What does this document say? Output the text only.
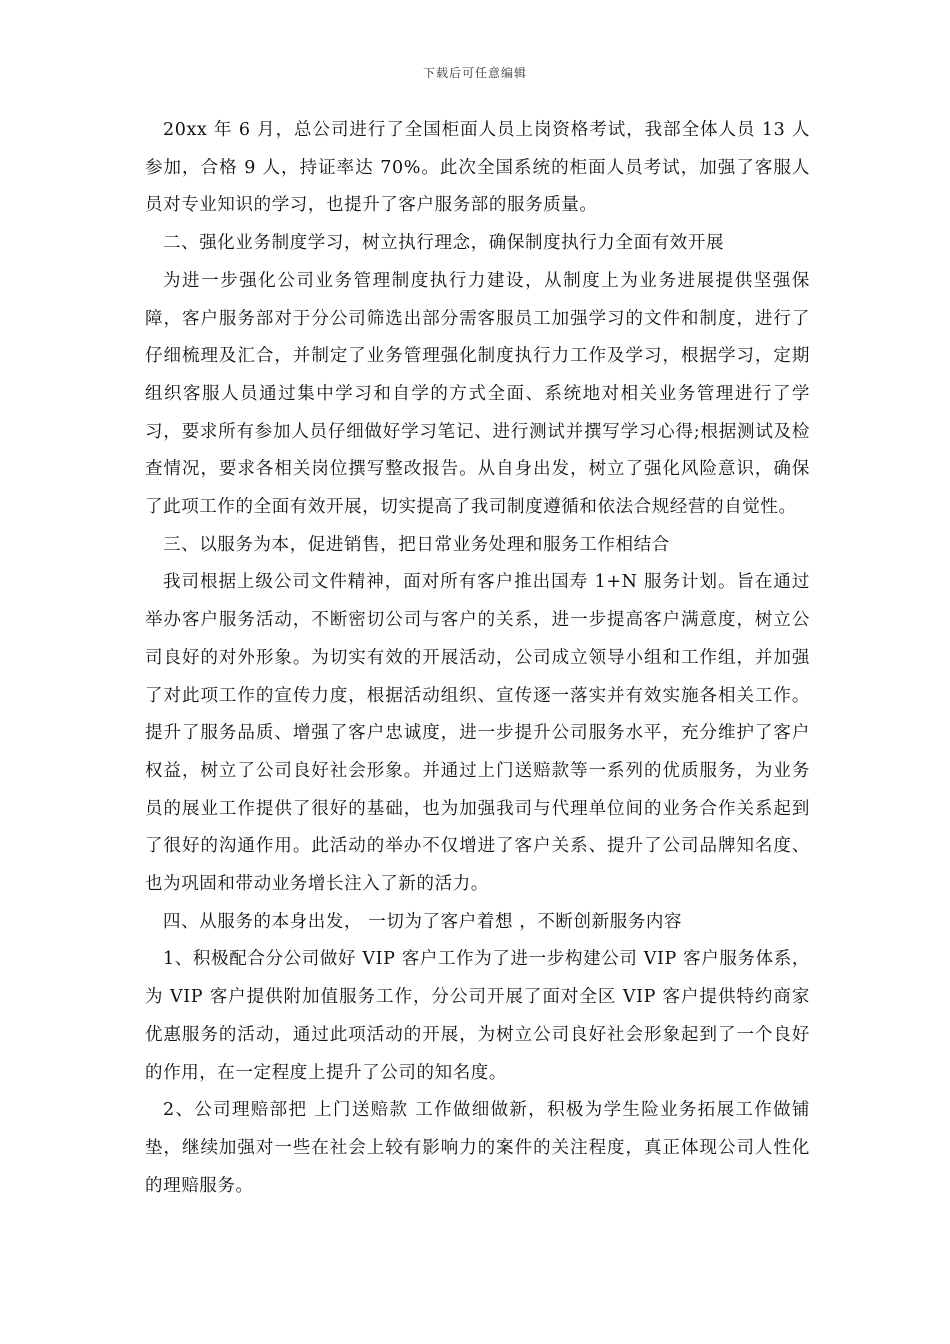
下载后可任意编辑

20xx 年 6 月，总公司进行了全国柜面人员上岗资格考试，我部全体人员 13 人参加，合格 9 人，持证率达 70%。此次全国系统的柜面人员考试，加强了客服人员对专业知识的学习，也提升了客户服务部的服务质量。

二、强化业务制度学习，树立执行理念，确保制度执行力全面有效开展

为进一步强化公司业务管理制度执行力建设，从制度上为业务进展提供坚强保障，客户服务部对于分公司筛选出部分需客服员工加强学习的文件和制度，进行了仔细梳理及汇合，并制定了业务管理强化制度执行力工作及学习，根据学习，定期组织客服人员通过集中学习和自学的方式全面、系统地对相关业务管理进行了学习，要求所有参加人员仔细做好学习笔记、进行测试并撰写学习心得;根据测试及检查情况，要求各相关岗位撰写整改报告。从自身出发，树立了强化风险意识，确保了此项工作的全面有效开展，切实提高了我司制度遵循和依法合规经营的自觉性。

三、以服务为本，促进销售，把日常业务处理和服务工作相结合

我司根据上级公司文件精神，面对所有客户推出国寿 1+N 服务计划。旨在通过举办客户服务活动，不断密切公司与客户的关系，进一步提高客户满意度，树立公司良好的对外形象。为切实有效的开展活动，公司成立领导小组和工作组，并加强了对此项工作的宣传力度，根据活动组织、宣传逐一落实并有效实施各相关工作。提升了服务品质、增强了客户忠诚度，进一步提升公司服务水平，充分维护了客户权益，树立了公司良好社会形象。并通过上门送赔款等一系列的优质服务，为业务员的展业工作提供了很好的基础，也为加强我司与代理单位间的业务合作关系起到了很好的沟通作用。此活动的举办不仅增进了客户关系、提升了公司品牌知名度、也为巩固和带动业务增长注入了新的活力。

四、从服务的本身出发， 一切为了客户着想 ，不断创新服务内容

1、积极配合分公司做好 VIP 客户工作为了进一步构建公司 VIP 客户服务体系，为 VIP 客户提供附加值服务工作，分公司开展了面对全区 VIP 客户提供特约商家优惠服务的活动，通过此项活动的开展，为树立公司良好社会形象起到了一个良好的作用，在一定程度上提升了公司的知名度。

2、公司理赔部把 上门送赔款 工作做细做新，积极为学生险业务拓展工作做铺垫，继续加强对一些在社会上较有影响力的案件的关注程度，真正体现公司人性化的理赔服务。
